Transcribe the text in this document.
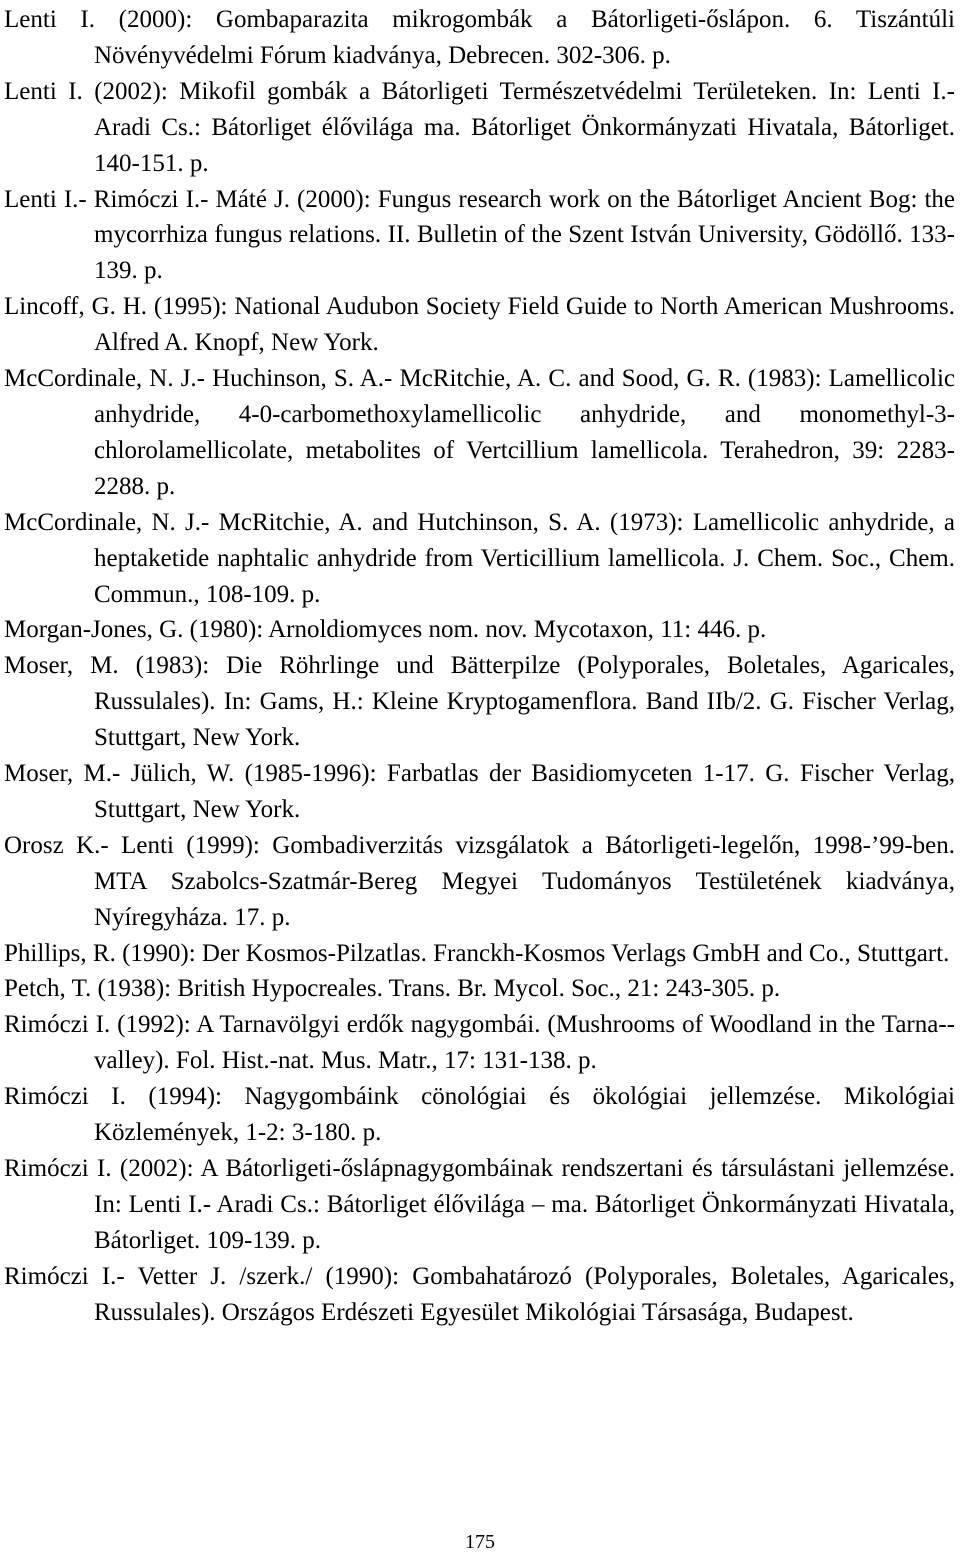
Lenti I. (2000): Gombaparazita mikrogombák a Bátorligeti-őslápon. 6. Tiszántúli Növényvédelmi Fórum kiadványa, Debrecen. 302-306. p.

Lenti I. (2002): Mikofil gombák a Bátorligeti Természetvédelmi Területeken. In: Lenti I.- Aradi Cs.: Bátorliget élővilága ma. Bátorliget Önkormányzati Hivatala, Bátorliget. 140-151. p.

Lenti I.- Rimóczi I.- Máté J. (2000): Fungus research work on the Bátorliget Ancient Bog: the mycorrhiza fungus relations. II. Bulletin of the Szent István University, Gödöllő. 133-139. p.

Lincoff, G. H. (1995): National Audubon Society Field Guide to North American Mushrooms. Alfred A. Knopf, New York.

McCordinale, N. J.- Huchinson, S. A.- McRitchie, A. C. and Sood, G. R. (1983): Lamellicolic anhydride, 4-0-carbomethoxylamellicolic anhydride, and monomethyl-3-chlorolamellicolate, metabolites of Vertcillium lamellicola. Terahedron, 39: 2283-2288. p.

McCordinale, N. J.- McRitchie, A. and Hutchinson, S. A. (1973): Lamellicolic anhydride, a heptaketide naphtalic anhydride from Verticillium lamellicola. J. Chem. Soc., Chem. Commun., 108-109. p.

Morgan-Jones, G. (1980): Arnoldiomyces nom. nov. Mycotaxon, 11: 446. p.

Moser, M. (1983): Die Röhrlinge und Bätterpilze (Polyporales, Boletales, Agaricales, Russulales). In: Gams, H.: Kleine Kryptogamenflora. Band IIb/2. G. Fischer Verlag, Stuttgart, New York.

Moser, M.- Jülich, W. (1985-1996): Farbatlas der Basidiomyceten 1-17. G. Fischer Verlag, Stuttgart, New York.

Orosz K.- Lenti (1999): Gombadiverzitás vizsgálatok a Bátorligeti-legelőn, 1998-’99-ben. MTA Szabolcs-Szatmár-Bereg Megyei Tudományos Testületének kiadványa, Nyíregyháza. 17. p.

Phillips, R. (1990): Der Kosmos-Pilzatlas. Franckh-Kosmos Verlags GmbH and Co., Stuttgart.

Petch, T. (1938): British Hypocreales. Trans. Br. Mycol. Soc., 21: 243-305. p.

Rimóczi I. (1992): A Tarnavölgyi erdők nagygombái. (Mushrooms of Woodland in the Tarna--valley). Fol. Hist.-nat. Mus. Matr., 17: 131-138. p.

Rimóczi I. (1994): Nagygombáink cönológiai és ökológiai jellemzése. Mikológiai Közlemények, 1-2: 3-180. p.

Rimóczi I. (2002): A Bátorligeti-őslápnagygombáinak rendszertani és társulástani jellemzése. In: Lenti I.- Aradi Cs.: Bátorliget élővilága – ma. Bátorliget Önkormányzati Hivatala, Bátorliget. 109-139. p.

Rimóczi I.- Vetter J. /szerk./ (1990): Gombahatározó (Polyporales, Boletales, Agaricales, Russulales). Országos Erdészeti Egyesület Mikológiai Társasága, Budapest.

175
